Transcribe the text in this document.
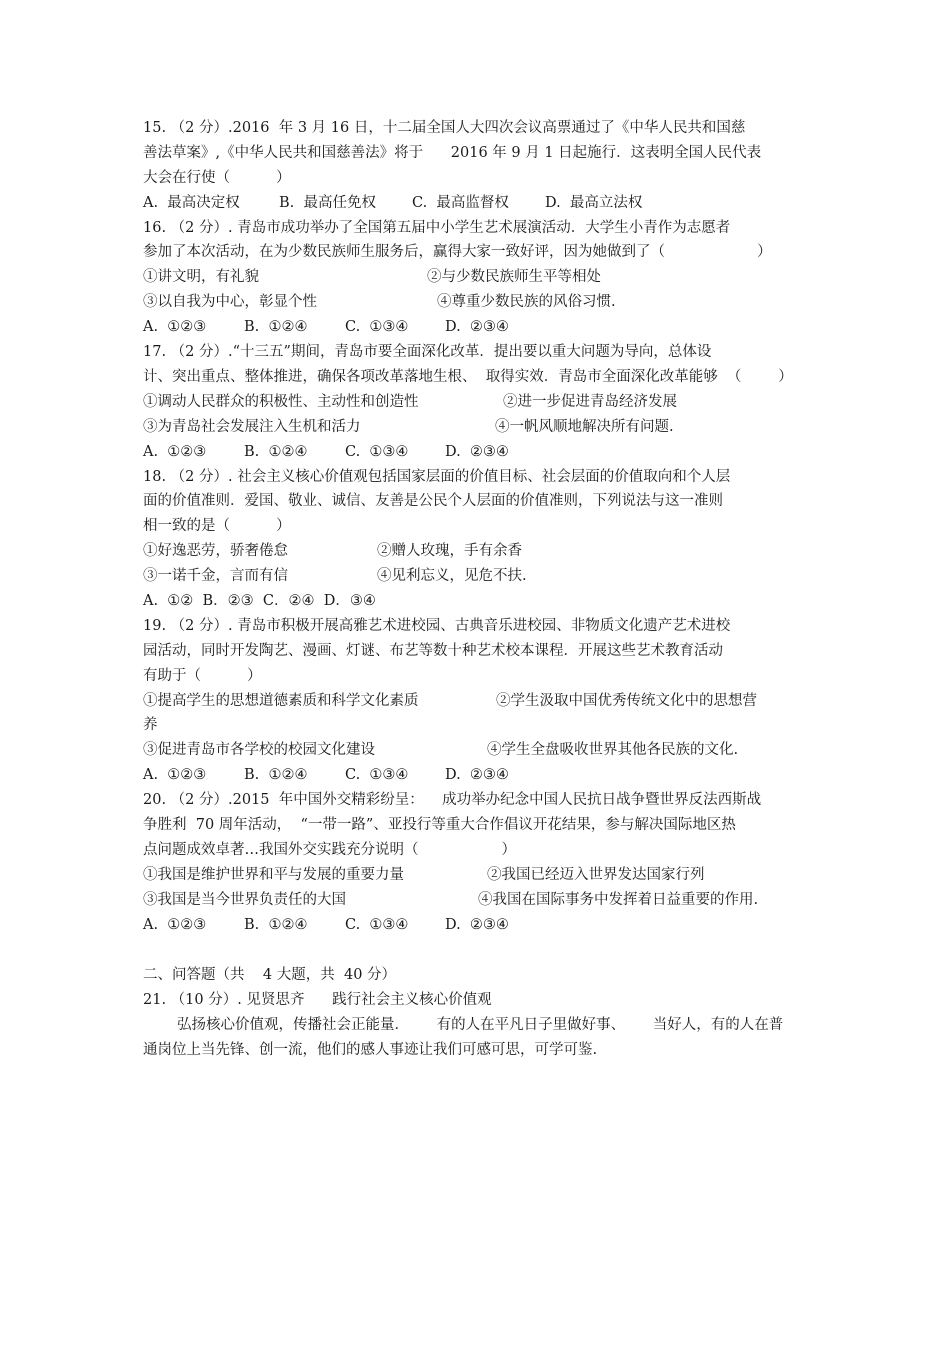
15. （2 分）.2016  年 3 月 16 日，十二届全国人大四次会议高票通过了《中华人民共和国慈
善法草案》,《中华人民共和国慈善法》将于      2016 年 9 月 1 日起施行．这表明全国人民代表
大会在行使（          ）
A.  最高决定权	B.  最高任免权 C.  最高监督权 D.  最高立法权
16. （2 分）. 青岛市成功举办了全国第五届中小学生艺术展演活动．大学生小青作为志愿者
参加了本次活动，在为少数民族师生服务后，赢得大家一致好评，因为她做到了（                    ）
①讲文明，有礼貌	②与少数民族师生平等相处
③以自我为中心，彰显个性	④尊重少数民族的风俗习惯.
A.  ①②③	B.  ①②④	C.  ①③④	D.  ②③④
17. （2 分）.“十三五”期间，青岛市要全面深化改革．提出要以重大问题为导向，总体设
计、突出重点、整体推进，确保各项改革落地生根、  取得实效．青岛市全面深化改革能够  （        ）
①调动人民群众的积极性、主动性和创造性	②进一步促进青岛经济发展
③为青岛社会发展注入生机和活力	④一帆风顺地解决所有问题.
A.  ①②③	B.  ①②④	C.  ①③④	D.  ②③④
18. （2 分）. 社会主义核心价值观包括国家层面的价值目标、社会层面的价值取向和个人层
面的价值准则．爱国、敬业、诚信、友善是公民个人层面的价值准则，下列说法与这一准则
相一致的是（          ）
①好逸恶劳，骄奢倦怠	②赠人玫瑰，手有余香
③一诺千金，言而有信	④见利忘义，见危不扶.
A.  ①②  B．②③  C．②④  D．③④
19. （2 分）. 青岛市积极开展高雅艺术进校园、古典音乐进校园、非物质文化遗产艺术进校
园活动，同时开发陶艺、漫画、灯谜、布艺等数十种艺术校本课程．开展这些艺术教育活动
有助于（          ）
①提高学生的思想道德素质和科学文化素质	②学生汲取中国优秀传统文化中的思想营
养
③促进青岛市各学校的校园文化建设	④学生全盘吸收世界其他各民族的文化.
A.  ①②③	B.  ①②④	C.  ①③④	D.  ②③④
20. （2 分）.2015  年中国外交精彩纷呈：    成功举办纪念中国人民抗日战争暨世界反法西斯战
争胜利  70 周年活动，  “一带一路”、亚投行等重大合作倡议开花结果，参与解决国际地区热
点问题成效卓著…我国外交实践充分说明（                  ）
①我国是维护世界和平与发展的重要力量	②我国已经迈入世界发达国家行列
③我国是当今世界负责任的大国	④我国在国际事务中发挥着日益重要的作用.
A.  ①②③	B.  ①②④	C.  ①③④	D.  ②③④
二、问答题（共    4 大题，共  40 分）
21. （10 分）. 见贤思齐      践行社会主义核心价值观
弘扬核心价值观，传播社会正能量．      有的人在平凡日子里做好事、      当好人，有的人在普
通岗位上当先锋、创一流，他们的感人事迹让我们可感可思，可学可鉴.
